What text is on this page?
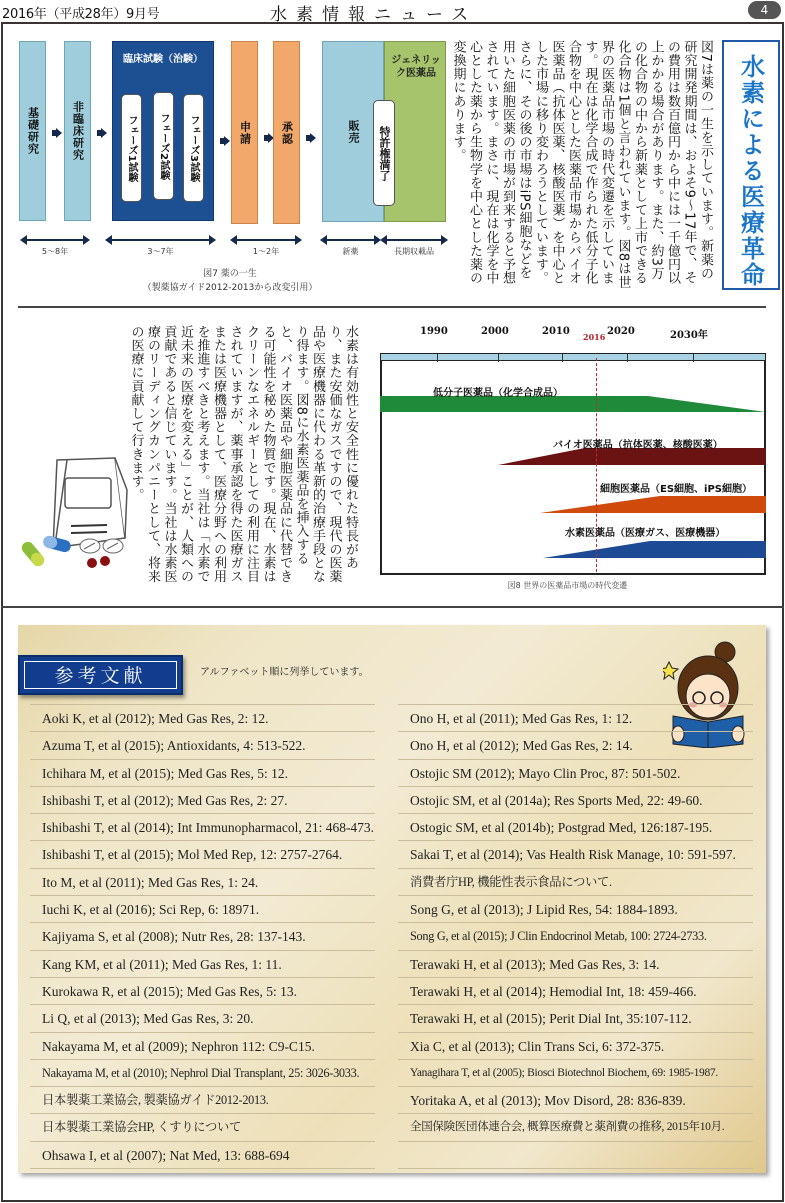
2016年（平成28年）9月号	水素情報ニュース	4
基礎研究	非臨床研究
臨床試験（治験）
フェーズ1試験	フェーズ2試験	フェーズ3試験	申請	承認	販売
ジェネリック医薬品
特許権満了
5〜8年	3〜7年	1〜2年	新薬	長期収載品
図7 薬の一生
（製薬協ガイド2012-2013から改変引用）	水素による医療革命
図7は薬の一生を示しています。新薬の研究開発期間は、およそ9〜17年で、その費用は数百億円から中には一千億円以上かかる場合があります。また、約3万の化合物の中から新薬として上市できる化合物は1個と言われています。図8は世界の医薬品市場の時代変遷を示しています。現在は化学合成で作られた低分子化合物を中心とした医薬品市場からバイオ医薬品（抗体医薬、核酸医薬）を中心とした市場に移り変わろうとしています。さらに、その後の市場はiPS細胞などを用いた細胞医薬の市場が到来すると予想されています。まさに、現在は化学を中心とした薬から生物学を中心とした薬の変換期にあります。
水素は有効性と安全性に優れた特長があり、また安価なガスですので、現代の医薬品や医療機器に代わる革新的治療手段となり得ます。図8に水素医薬品を挿入すると、バイオ医薬品や細胞医薬品に代替できる可能性を秘めた物質です。現在、水素はクリーンなエネルギーとしての利用に注目されていますが、薬事承認を得た医療ガスまたは医療機器として、医療分野への利用を推進すべきと考えます。当社は「水素で近未来の医療を変える」ことが、人類への貢献であると信じています。当社は水素医療のリーディングカンパニーとして、将来の医療に貢献して行きます。	1990	2000	2010 2016 2020	2030年
低分子医薬品（化学合成品）
バイオ医薬品（抗体医薬、核酸医薬）
細胞医薬品（ES細胞、iPS細胞）
水素医薬品（医療ガス、医療機器）
図8 世界の医薬品市場の時代変遷
参考文献	アルファベット順に列挙しています。
Aoki K, et al (2012); Med Gas Res, 2: 12.
Azuma T, et al (2015); Antioxidants, 4: 513-522.
Ichihara M, et al (2015); Med Gas Res, 5: 12.
Ishibashi T, et al (2012); Med Gas Res, 2: 27.
Ishibashi T, et al (2014); Int Immunopharmacol, 21: 468-473.
Ishibashi T, et al (2015); Mol Med Rep, 12: 2757-2764.
Ito M, et al (2011); Med Gas Res, 1: 24.
Iuchi K, et al (2016); Sci Rep, 6: 18971.
Kajiyama S, et al (2008); Nutr Res, 28: 137-143.
Kang KM, et al (2011); Med Gas Res, 1: 11.
Kurokawa R, et al (2015); Med Gas Res, 5: 13.
Li Q, et al (2013); Med Gas Res, 3: 20.
Nakayama M, et al (2009); Nephron 112: C9-C15.
Nakayama M, et al (2010); Nephrol Dial Transplant, 25: 3026-3033.
日本製薬工業協会, 製薬協ガイド2012-2013.
日本製薬工業協会HP, くすりについて
Ohsawa I, et al (2007); Nat Med, 13: 688-694
Ono H, et al (2011); Med Gas Res, 1: 12.
Ono H, et al (2012); Med Gas Res, 2: 14.
Ostojic SM (2012); Mayo Clin Proc, 87: 501-502.
Ostojic SM, et al (2014a); Res Sports Med, 22: 49-60.
Ostogic SM, et al (2014b); Postgrad Med, 126:187-195.
Sakai T, et al (2014); Vas Health Risk Manage, 10: 591-597.
消費者庁HP, 機能性表示食品について.
Song G, et al (2013); J Lipid Res, 54: 1884-1893.
Song G, et al (2015); J Clin Endocrinol Metab, 100: 2724-2733.
Terawaki H, et al (2013); Med Gas Res, 3: 14.
Terawaki H, et al (2014); Hemodial Int, 18: 459-466.
Terawaki H, et al (2015); Perit Dial Int, 35:107-112.
Xia C, et al (2013); Clin Trans Sci, 6: 372-375.
Yanagihara T, et al (2005); Biosci Biotechnol Biochem, 69: 1985-1987.
Yoritaka A, et al (2013); Mov Disord, 28: 836-839.
全国保険医団体連合会, 概算医療費と薬剤費の推移, 2015年10月.
